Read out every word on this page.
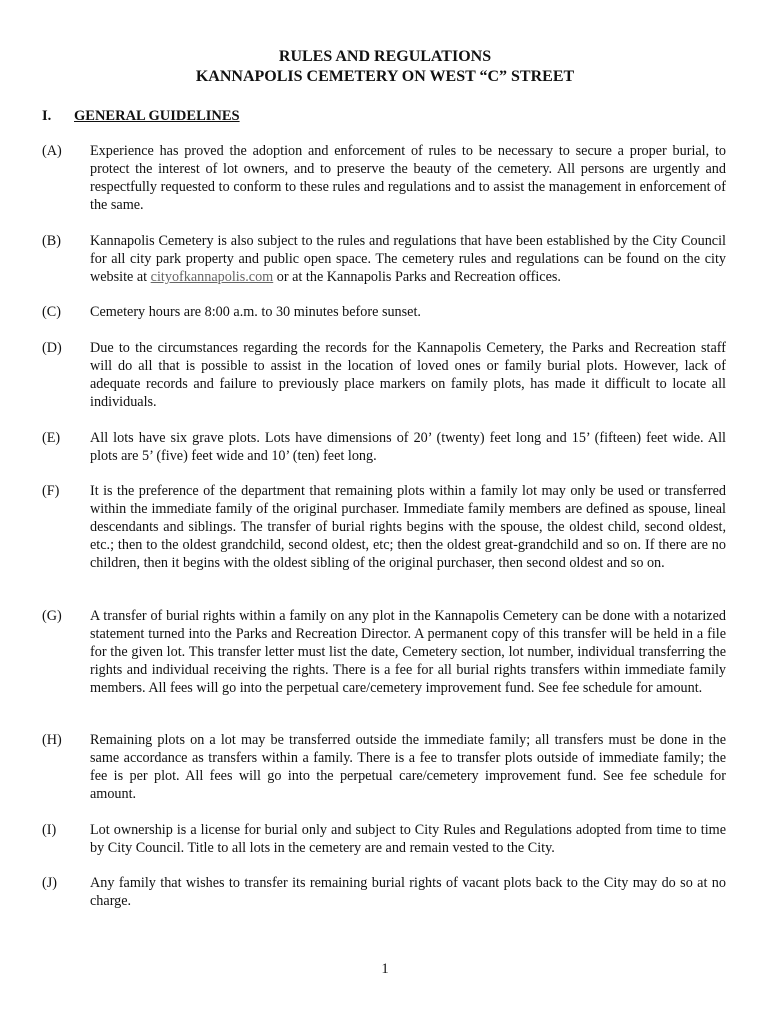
RULES AND REGULATIONS
KANNAPOLIS CEMETERY ON WEST “C” STREET
I. GENERAL GUIDELINES
(A) Experience has proved the adoption and enforcement of rules to be necessary to secure a proper burial, to protect the interest of lot owners, and to preserve the beauty of the cemetery. All persons are urgently and respectfully requested to conform to these rules and regulations and to assist the management in enforcement of the same.
(B) Kannapolis Cemetery is also subject to the rules and regulations that have been established by the City Council for all city park property and public open space. The cemetery rules and regulations can be found on the city website at cityofkannapolis.com or at the Kannapolis Parks and Recreation offices.
(C) Cemetery hours are 8:00 a.m. to 30 minutes before sunset.
(D) Due to the circumstances regarding the records for the Kannapolis Cemetery, the Parks and Recreation staff will do all that is possible to assist in the location of loved ones or family burial plots. However, lack of adequate records and failure to previously place markers on family plots, has made it difficult to locate all individuals.
(E) All lots have six grave plots. Lots have dimensions of 20’ (twenty) feet long and 15’ (fifteen) feet wide. All plots are 5’ (five) feet wide and 10’ (ten) feet long.
(F) It is the preference of the department that remaining plots within a family lot may only be used or transferred within the immediate family of the original purchaser. Immediate family members are defined as spouse, lineal descendants and siblings. The transfer of burial rights begins with the spouse, the oldest child, second oldest, etc.; then to the oldest grandchild, second oldest, etc; then the oldest great-grandchild and so on. If there are no children, then it begins with the oldest sibling of the original purchaser, then second oldest and so on.
(G) A transfer of burial rights within a family on any plot in the Kannapolis Cemetery can be done with a notarized statement turned into the Parks and Recreation Director. A permanent copy of this transfer will be held in a file for the given lot. This transfer letter must list the date, Cemetery section, lot number, individual transferring the rights and individual receiving the rights. There is a fee for all burial rights transfers within immediate family members. All fees will go into the perpetual care/cemetery improvement fund. See fee schedule for amount.
(H) Remaining plots on a lot may be transferred outside the immediate family; all transfers must be done in the same accordance as transfers within a family. There is a fee to transfer plots outside of immediate family; the fee is per plot. All fees will go into the perpetual care/cemetery improvement fund. See fee schedule for amount.
(I) Lot ownership is a license for burial only and subject to City Rules and Regulations adopted from time to time by City Council. Title to all lots in the cemetery are and remain vested to the City.
(J) Any family that wishes to transfer its remaining burial rights of vacant plots back to the City may do so at no charge.
1
